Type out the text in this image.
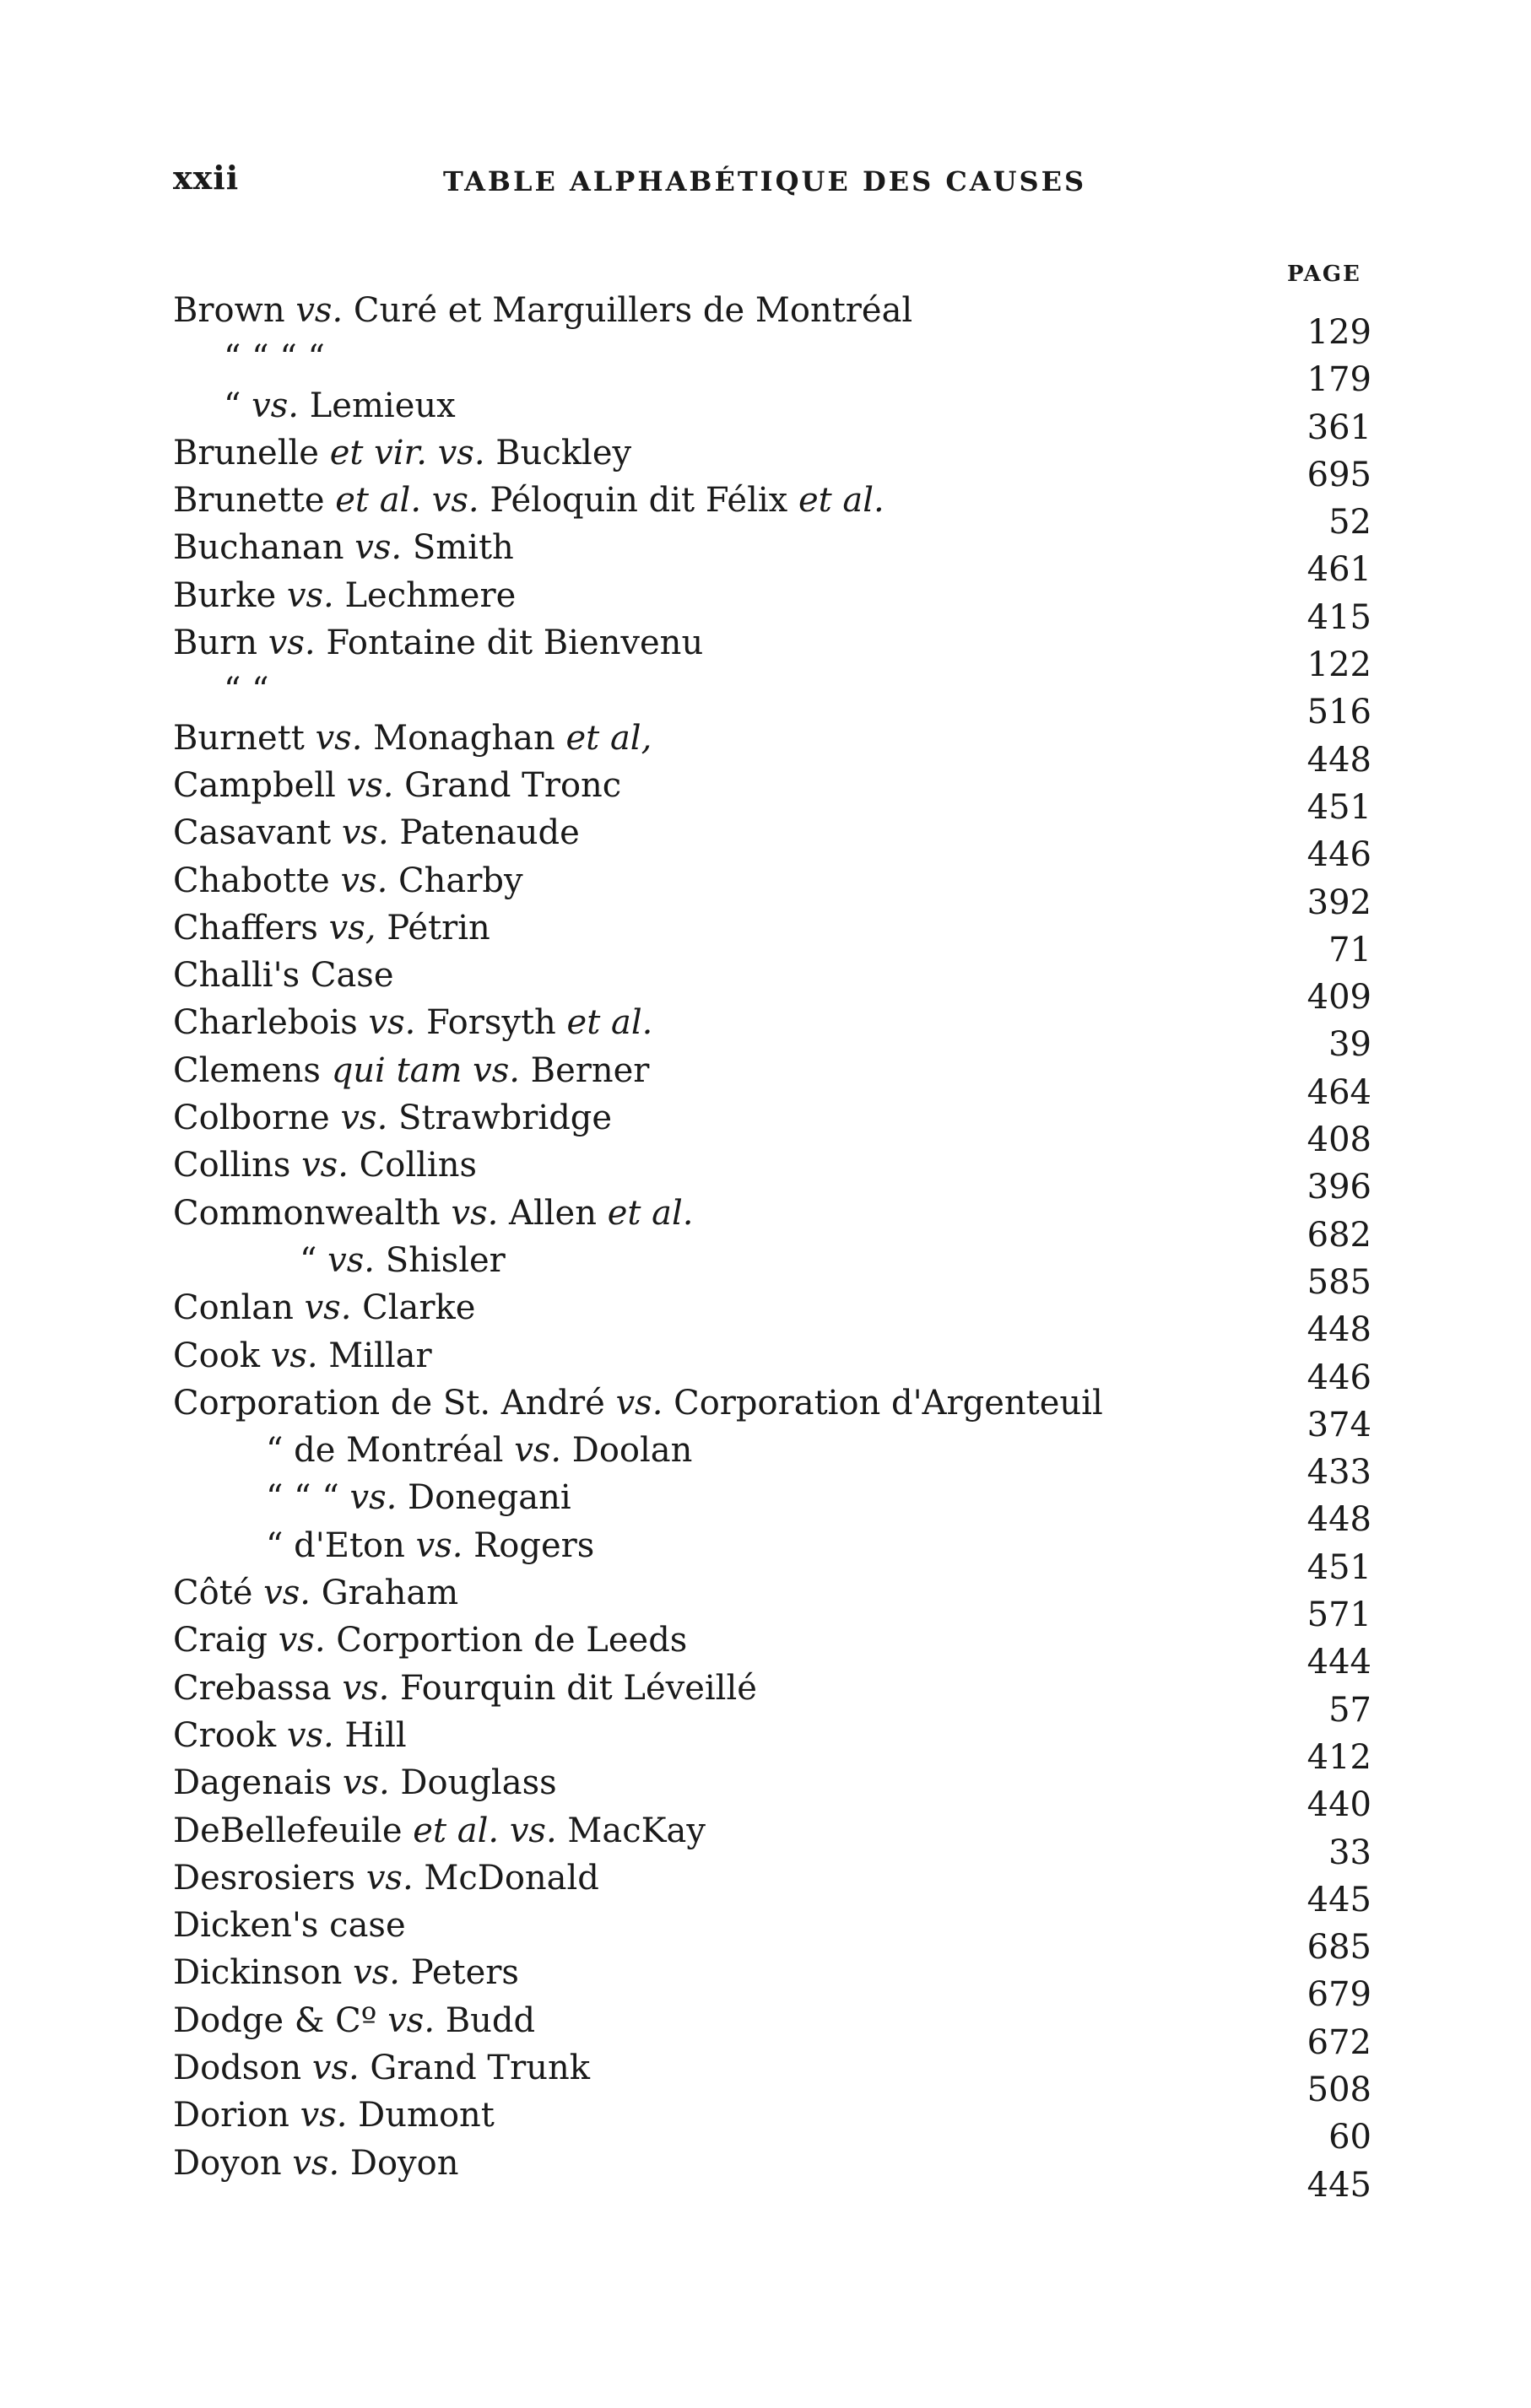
xxii	TABLE ALPHABÉTIQUE DES CAUSES
PAGE
Brown vs. Curé et Marguillers de Montréal
129
“ “ “ “
179
“ vs. Lemieux
361
Brunelle et vir. vs. Buckley
695
Brunette et al. vs. Péloquin dit Félix et al.
52
Buchanan vs. Smith
461
Burke vs. Lechmere
415
Burn vs. Fontaine dit Bienvenu
122
“ “
516
Burnett vs. Monaghan et al,
448
Campbell vs. Grand Tronc
451
Casavant vs. Patenaude
446
Chabotte vs. Charby
392
Chaffers vs, Pétrin
71
Challi's Case
409
Charlebois vs. Forsyth et al.
39
Clemens qui tam vs. Berner
464
Colborne vs. Strawbridge
408
Collins vs. Collins
396
Commonwealth vs. Allen et al.
682
“ vs. Shisler
585
Conlan vs. Clarke
448
Cook vs. Millar
446
Corporation de St. André vs. Corporation d'Argenteuil
374
“ de Montréal vs. Doolan
433
“ “ “ vs. Donegani
448
“ d'Eton vs. Rogers
451
Côté vs. Graham
571
Craig vs. Corportion de Leeds
444
Crebassa vs. Fourquin dit Léveillé
57
Crook vs. Hill
412
Dagenais vs. Douglass
440
DeBellefeuile et al. vs. MacKay
33
Desrosiers vs. McDonald
445
Dicken's case
685
Dickinson vs. Peters
679
Dodge & Cº vs. Budd
672
Dodson vs. Grand Trunk
508
Dorion vs. Dumont
60
Doyon vs. Doyon
445
